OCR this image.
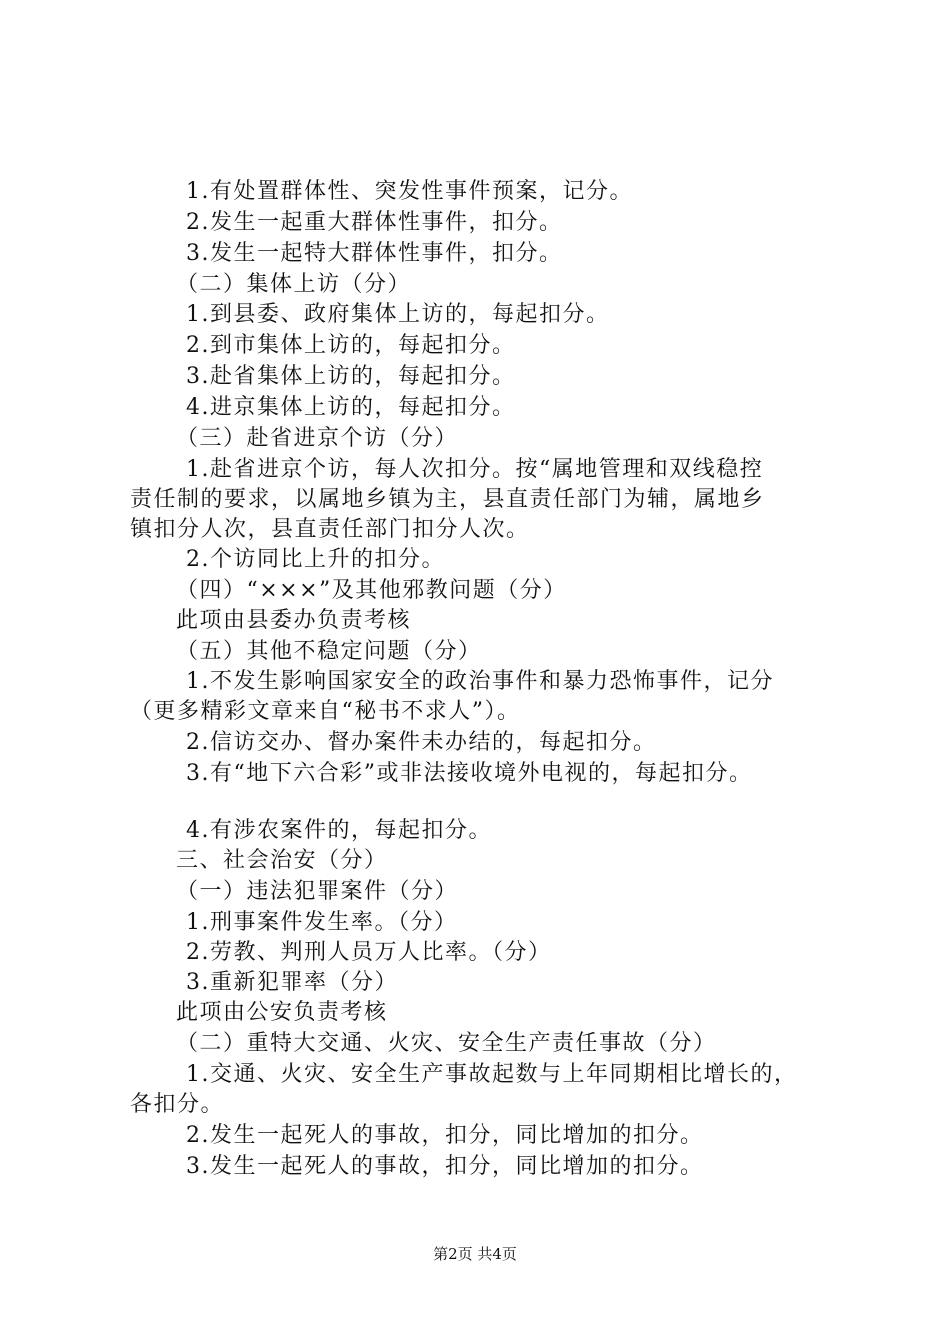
1.有处置群体性、突发性事件预案，记分。
2.发生一起重大群体性事件，扣分。
3.发生一起特大群体性事件，扣分。
（二）集体上访（分）
1.到县委、政府集体上访的，每起扣分。
2.到市集体上访的，每起扣分。
3.赴省集体上访的，每起扣分。
4.进京集体上访的，每起扣分。
（三）赴省进京个访（分）
1.赴省进京个访，每人次扣分。按“属地管理和双线稳控
责任制的要求，以属地乡镇为主，县直责任部门为辅，属地乡
镇扣分人次，县直责任部门扣分人次。
2.个访同比上升的扣分。
（四）“×××”及其他邪教问题（分）
此项由县委办负责考核
（五）其他不稳定问题（分）
1.不发生影响国家安全的政治事件和暴力恐怖事件，记分
（更多精彩文章来自“秘书不求人”）。
2.信访交办、督办案件未办结的，每起扣分。
3.有“地下六合彩”或非法接收境外电视的，每起扣分。
4.有涉农案件的，每起扣分。
三、社会治安（分）
（一）违法犯罪案件（分）
1.刑事案件发生率。（分）
2.劳教、判刑人员万人比率。（分）
3.重新犯罪率（分）
此项由公安负责考核
（二）重特大交通、火灾、安全生产责任事故（分）
1.交通、火灾、安全生产事故起数与上年同期相比增长的，
各扣分。
2.发生一起死人的事故，扣分，同比增加的扣分。
3.发生一起死人的事故，扣分，同比增加的扣分。
第2页 共4页
